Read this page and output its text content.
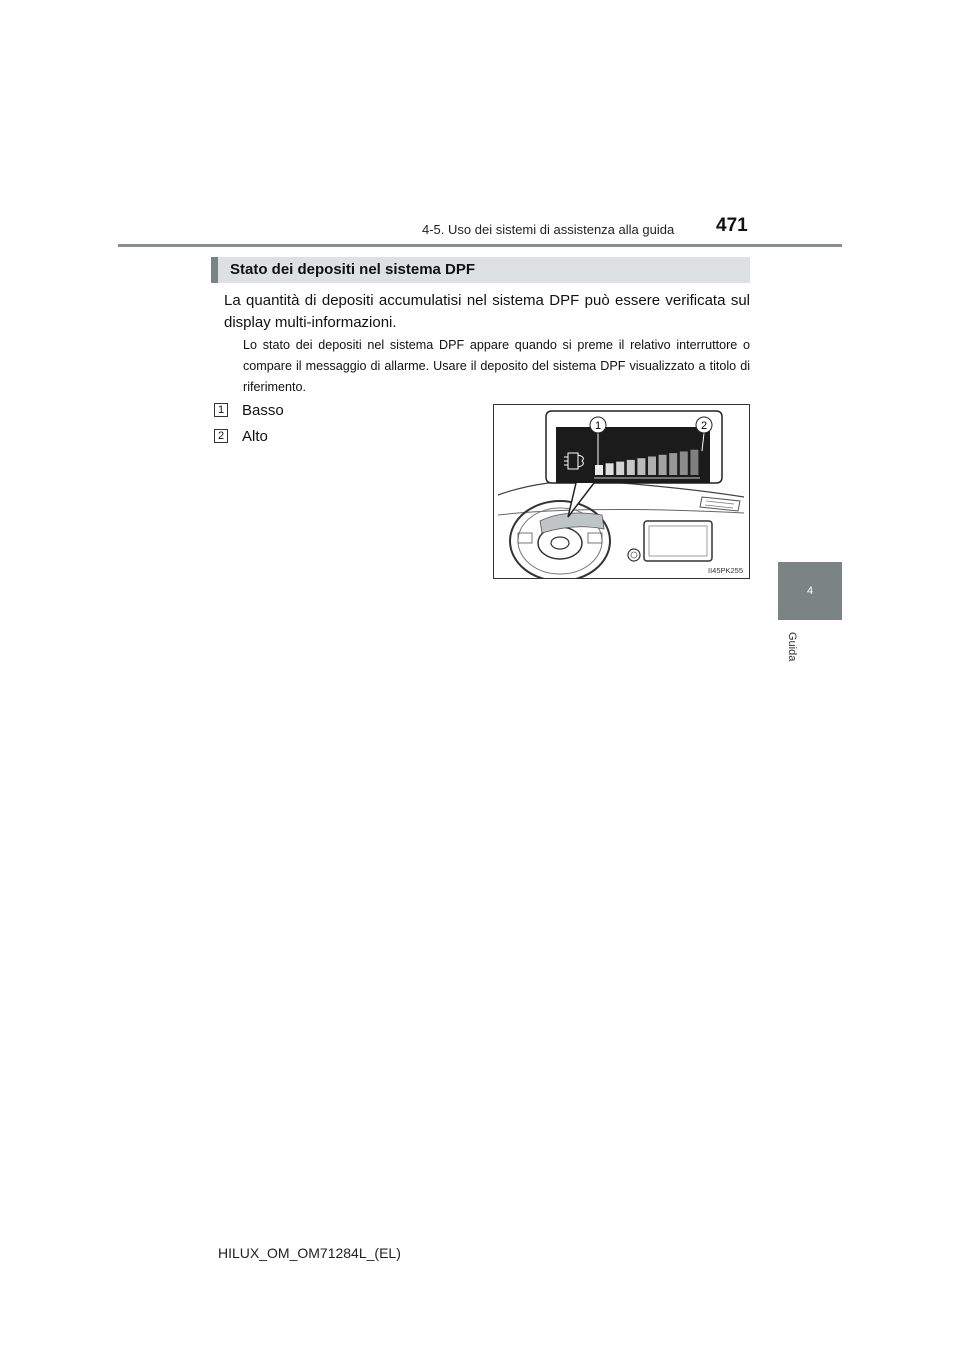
4-5. Uso dei sistemi di assistenza alla guida 471
4
Guida
Stato dei depositi nel sistema DPF

La quantità di depositi accumulatisi nel sistema DPF può essere verificata sul display multi-informazioni.

Lo stato dei depositi nel sistema DPF appare quando si preme il relativo interruttore o compare il messaggio di allarme. Usare il deposito del sistema DPF visualizzato a titolo di riferimento.

1 Basso
2 Alto
1	2
II45PK255
HILUX_OM_OM71284L_(EL)
